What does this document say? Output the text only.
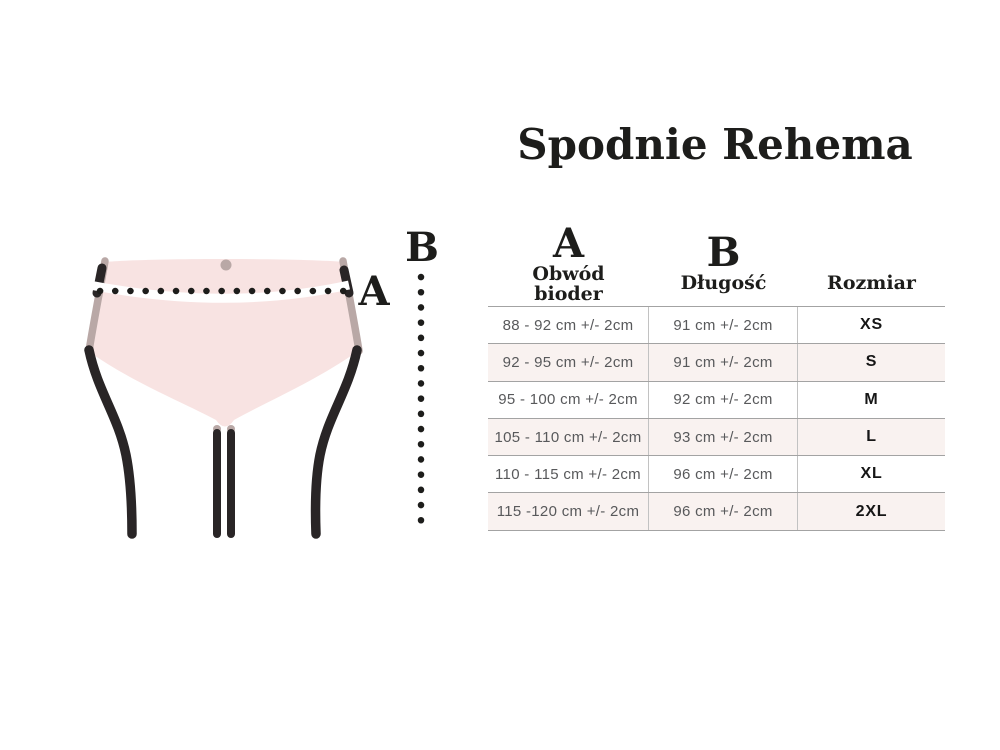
Spodnie Rehema
A
B	A
Obwód
bioder
B
Długość	Rozmiar
88 - 92 cm +/- 2cm	91 cm +/- 2cm	XS
92 - 95 cm +/- 2cm	91 cm +/- 2cm	S
95 - 100 cm +/- 2cm	92 cm +/- 2cm	M
105 - 110 cm +/- 2cm	93 cm +/- 2cm	L
110 - 115 cm +/- 2cm	96 cm +/- 2cm	XL
115 -120 cm +/- 2cm	96 cm +/- 2cm	2XL
